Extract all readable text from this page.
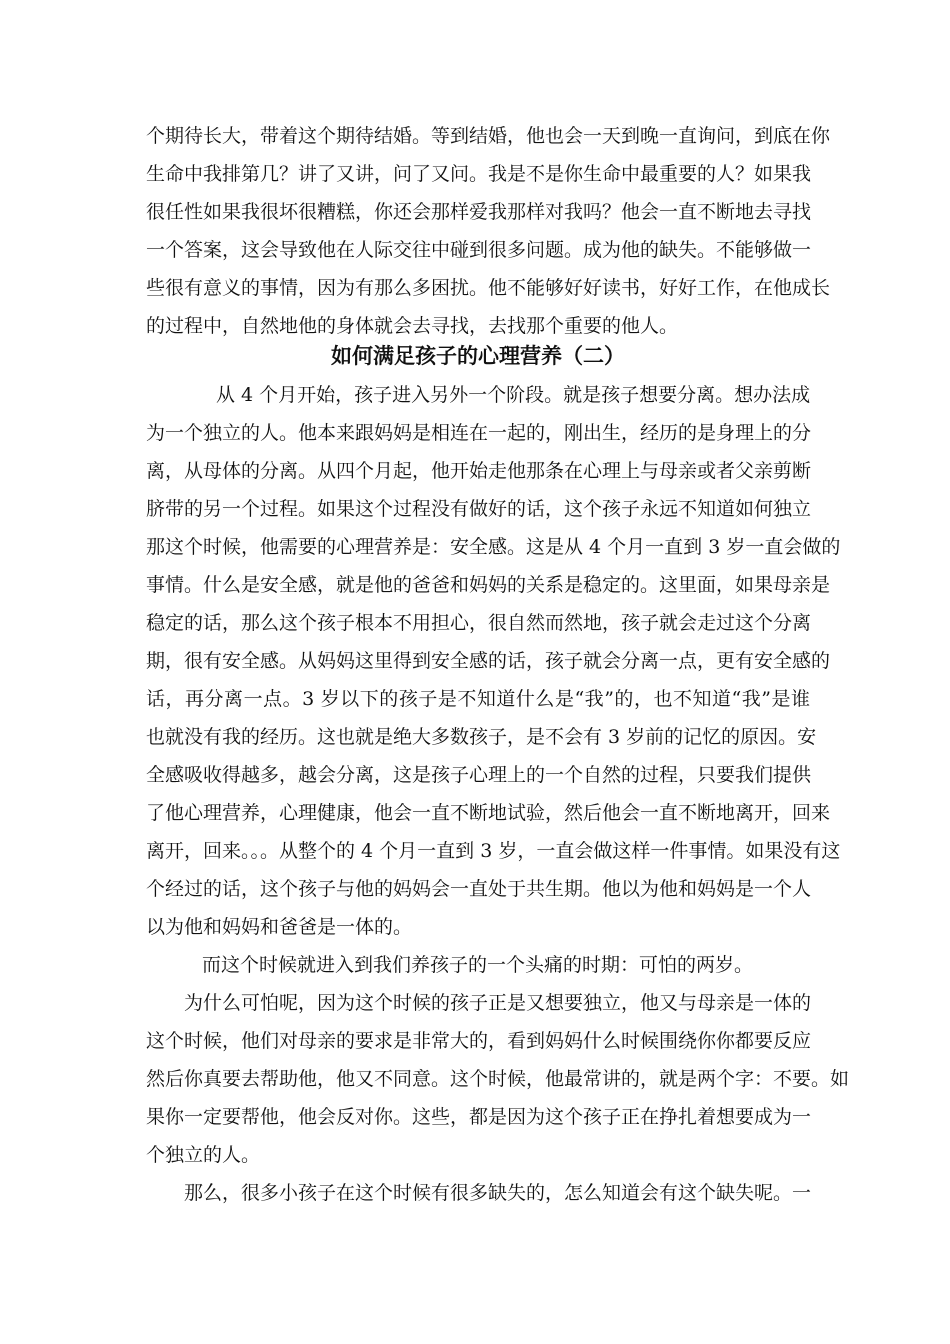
个期待长大，带着这个期待结婚。等到结婚，他也会一天到晚一直询问，到底在你
生命中我排第几？讲了又讲，问了又问。我是不是你生命中最重要的人？如果我
很任性如果我很坏很糟糕，你还会那样爱我那样对我吗？他会一直不断地去寻找
一个答案，这会导致他在人际交往中碰到很多问题。成为他的缺失。不能够做一
些很有意义的事情，因为有那么多困扰。他不能够好好读书，好好工作，在他成长
的过程中，自然地他的身体就会去寻找，去找那个重要的他人。
如何满足孩子的心理营养（二）
从 4 个月开始，孩子进入另外一个阶段。就是孩子想要分离。想办法成
为一个独立的人。他本来跟妈妈是相连在一起的，刚出生，经历的是身理上的分
离，从母体的分离。从四个月起，他开始走他那条在心理上与母亲或者父亲剪断
脐带的另一个过程。如果这个过程没有做好的话，这个孩子永远不知道如何独立
那这个时候，他需要的心理营养是：安全感。这是从 4 个月一直到 3 岁一直会做的
事情。什么是安全感，就是他的爸爸和妈妈的关系是稳定的。这里面，如果母亲是
稳定的话，那么这个孩子根本不用担心，很自然而然地，孩子就会走过这个分离
期，很有安全感。从妈妈这里得到安全感的话，孩子就会分离一点，更有安全感的
话，再分离一点。3 岁以下的孩子是不知道什么是“我”的，也不知道“我”是谁
也就没有我的经历。这也就是绝大多数孩子，是不会有 3 岁前的记忆的原因。安
全感吸收得越多，越会分离，这是孩子心理上的一个自然的过程，只要我们提供
了他心理营养，心理健康，他会一直不断地试验，然后他会一直不断地离开，回来
离开，回来。。。从整个的 4 个月一直到 3 岁，一直会做这样一件事情。如果没有这
个经过的话，这个孩子与他的妈妈会一直处于共生期。他以为他和妈妈是一个人
以为他和妈妈和爸爸是一体的。
而这个时候就进入到我们养孩子的一个头痛的时期：可怕的两岁。
为什么可怕呢，因为这个时候的孩子正是又想要独立，他又与母亲是一体的
这个时候，他们对母亲的要求是非常大的，看到妈妈什么时候围绕你你都要反应
然后你真要去帮助他，他又不同意。这个时候，他最常讲的，就是两个字：不要。如
果你一定要帮他，他会反对你。这些，都是因为这个孩子正在挣扎着想要成为一
个独立的人。
那么，很多小孩子在这个时候有很多缺失的，怎么知道会有这个缺失呢。一
